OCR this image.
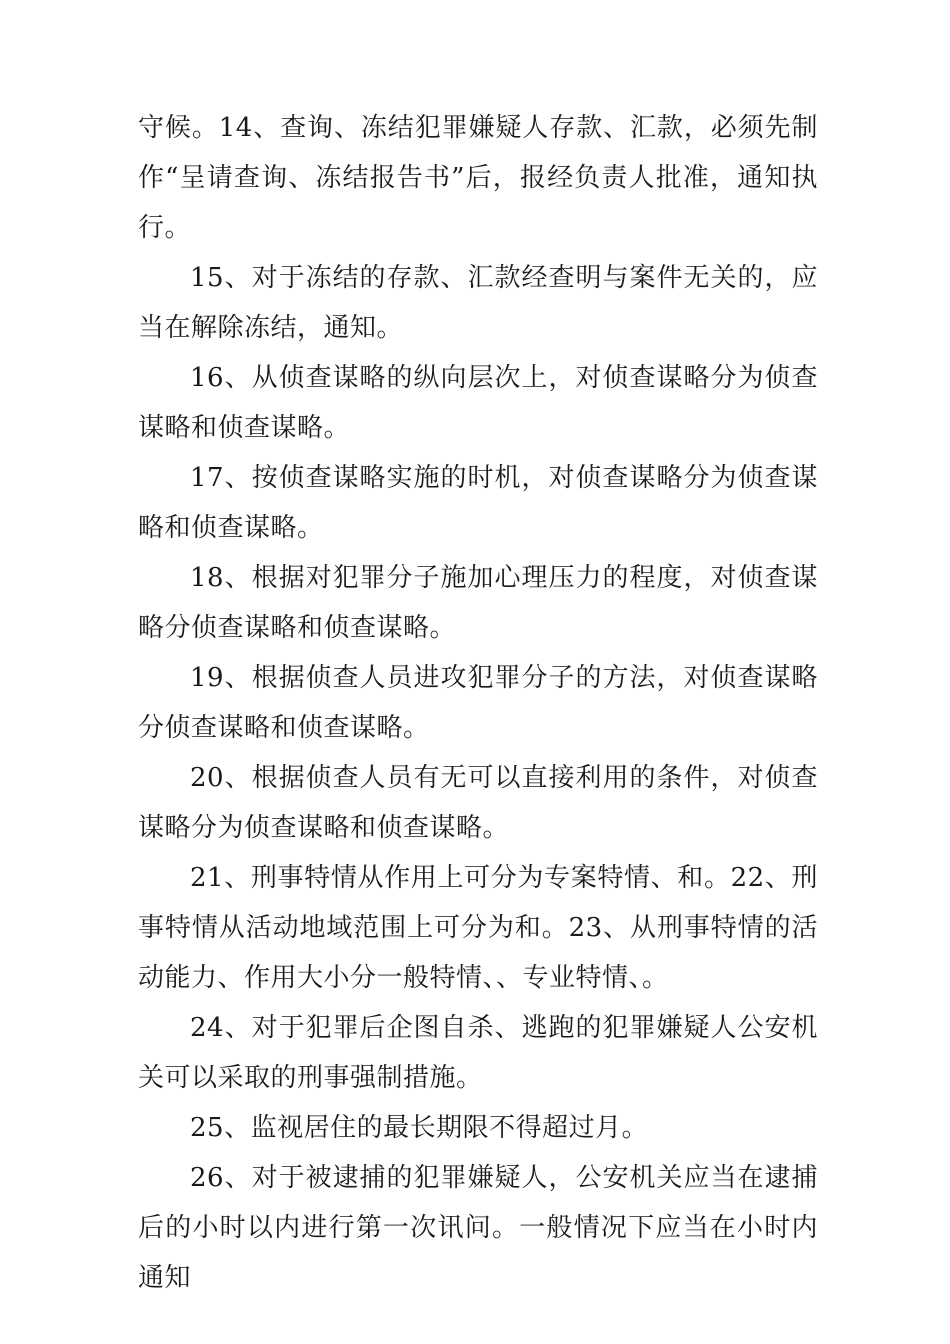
守候。14、查询、冻结犯罪嫌疑人存款、汇款，必须先制作“呈请查询、冻结报告书”后，报经负责人批准，通知执行。

15、对于冻结的存款、汇款经查明与案件无关的，应当在解除冻结，通知。

16、从侦查谋略的纵向层次上，对侦查谋略分为侦查谋略和侦查谋略。

17、按侦查谋略实施的时机，对侦查谋略分为侦查谋略和侦查谋略。

18、根据对犯罪分子施加心理压力的程度，对侦查谋略分侦查谋略和侦查谋略。

19、根据侦查人员进攻犯罪分子的方法，对侦查谋略分侦查谋略和侦查谋略。

20、根据侦查人员有无可以直接利用的条件，对侦查谋略分为侦查谋略和侦查谋略。

21、刑事特情从作用上可分为专案特情、和。22、刑事特情从活动地域范围上可分为和。23、从刑事特情的活动能力、作用大小分一般特情、、专业特情、。

24、对于犯罪后企图自杀、逃跑的犯罪嫌疑人公安机关可以采取的刑事强制措施。

25、监视居住的最长期限不得超过月。

26、对于被逮捕的犯罪嫌疑人，公安机关应当在逮捕后的小时以内进行第一次讯问。一般情况下应当在小时内通知
